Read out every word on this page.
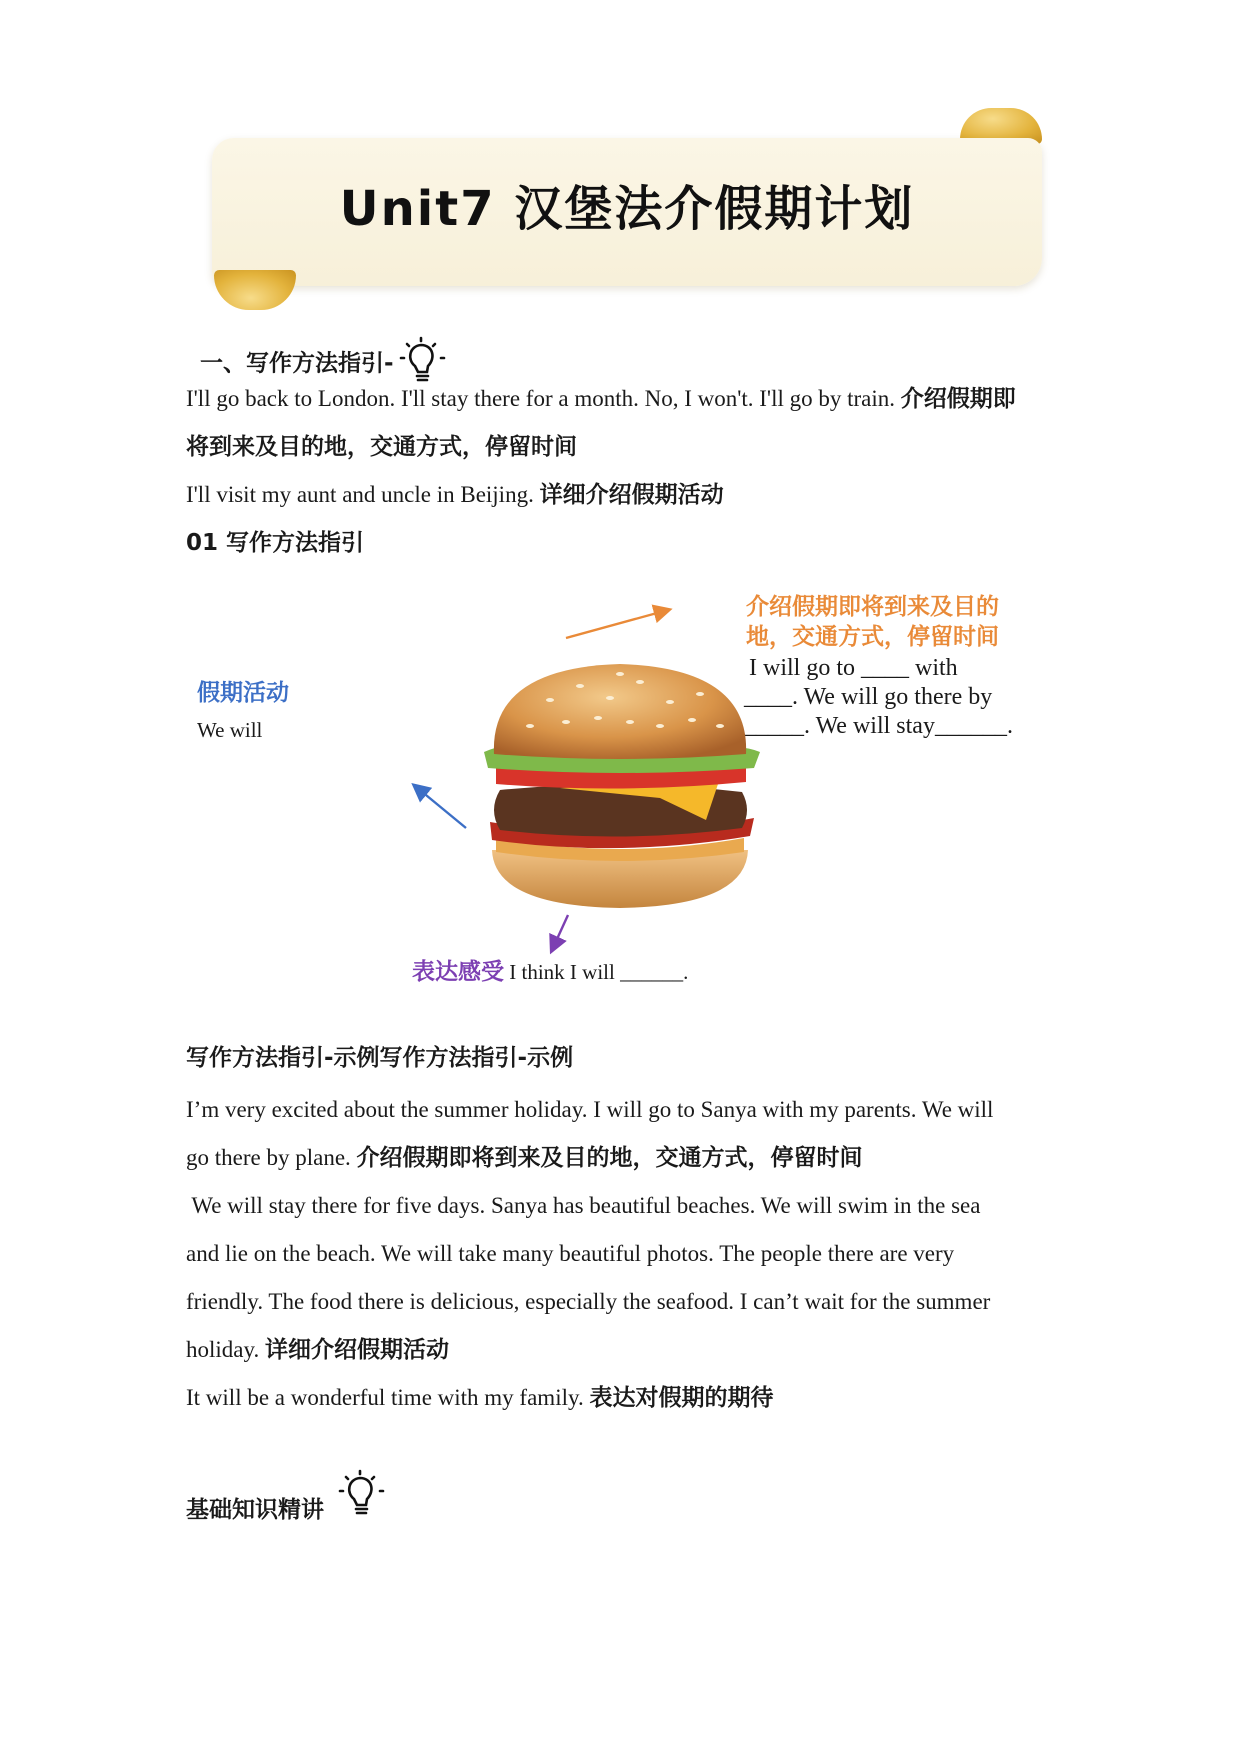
Unit7 汉堡法介假期计划
一、写作方法指引-
I'll go back to London. I'll stay there for a month. No, I won't. I'll go by train. 介绍假期即
将到来及目的地，交通方式，停留时间
I'll visit my aunt and uncle in Beijing. 详细介绍假期活动
01 写作方法指引
介绍假期即将到来及目的
地，交通方式，停留时间
I will go to ____ with
____. We will go there by
_____. We will stay______.
假期活动
We will
表达感受 I think I will ______.
写作方法指引-示例写作方法指引-示例
I’m very excited about the summer holiday. I will go to Sanya with my parents. We will
go there by plane. 介绍假期即将到来及目的地，交通方式，停留时间
We will stay there for five days. Sanya has beautiful beaches. We will swim in the sea
and lie on the beach. We will take many beautiful photos. The people there are very
friendly. The food there is delicious, especially the seafood. I can’t wait for the summer
holiday. 详细介绍假期活动
It will be a wonderful time with my family. 表达对假期的期待
基础知识精讲
